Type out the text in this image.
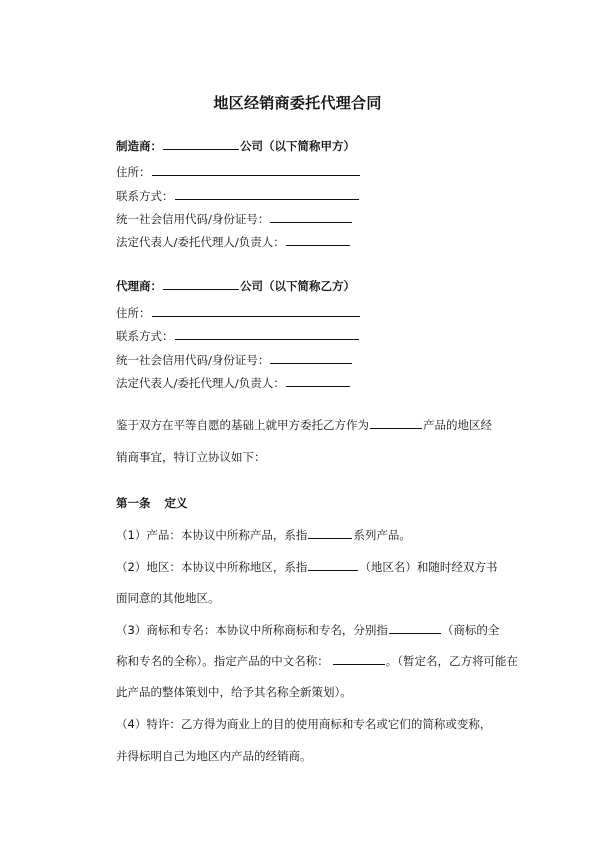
地区经销商委托代理合同
制造商：	公司（以下简称甲方）
住所：
联系方式：
统一社会信用代码/身份证号：
法定代表人/委托代理人/负责人：
代理商：	公司（以下简称乙方）
住所：
联系方式：
统一社会信用代码/身份证号：
法定代表人/委托代理人/负责人：
鉴于双方在平等自愿的基础上就甲方委托乙方作为	产品的地区经
销商事宜，特订立协议如下：
第一条 定义
（1）产品：本协议中所称产品，系指	系列产品。
（2）地区：本协议中所称地区，系指	（地区名）和随时经双方书
面同意的其他地区。
（3）商标和专名：本协议中所称商标和专名，分别指	（商标的全
称和专名的全称）。指定产品的中文名称：	。（暂定名，乙方将可能在
此产品的整体策划中，给予其名称全新策划）。
（4）特许：乙方得为商业上的目的使用商标和专名或它们的简称或变称，
并得标明自己为地区内产品的经销商。
